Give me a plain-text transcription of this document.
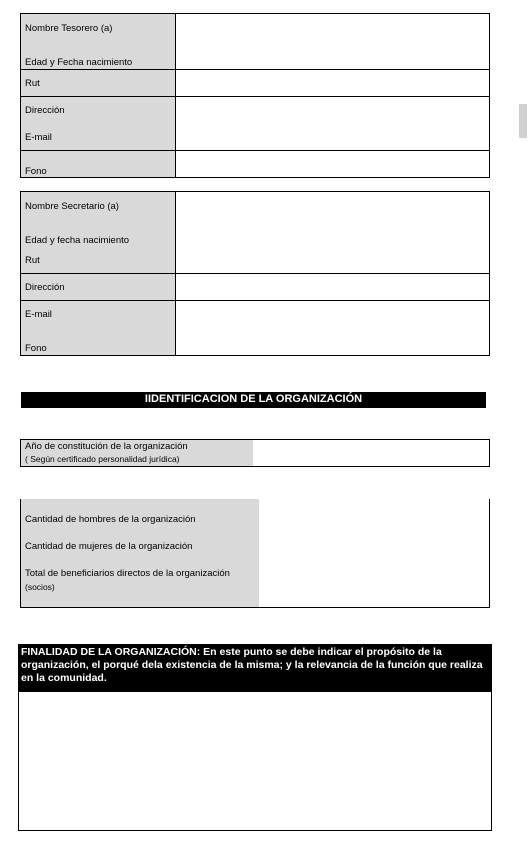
Nombre Tesorero (a)
Edad y Fecha nacimiento
Rut
Dirección
E-mail
Fono
Nombre Secretario (a)
Edad y fecha nacimiento
Rut
Dirección
E-mail
Fono
IIDENTIFICACION DE LA ORGANIZACIÓN
Año de constitución de la organización
( Según certificado personalidad jurídica)
Cantidad de hombres de la organización
Cantidad de mujeres de la organización
Total de beneficiarios directos de la organización
(socios)
FINALIDAD DE LA ORGANIZACIÓN: En este punto se debe indicar el propósito de la organización, el porqué dela existencia de la misma; y la relevancia de la función que realiza en la comunidad.
